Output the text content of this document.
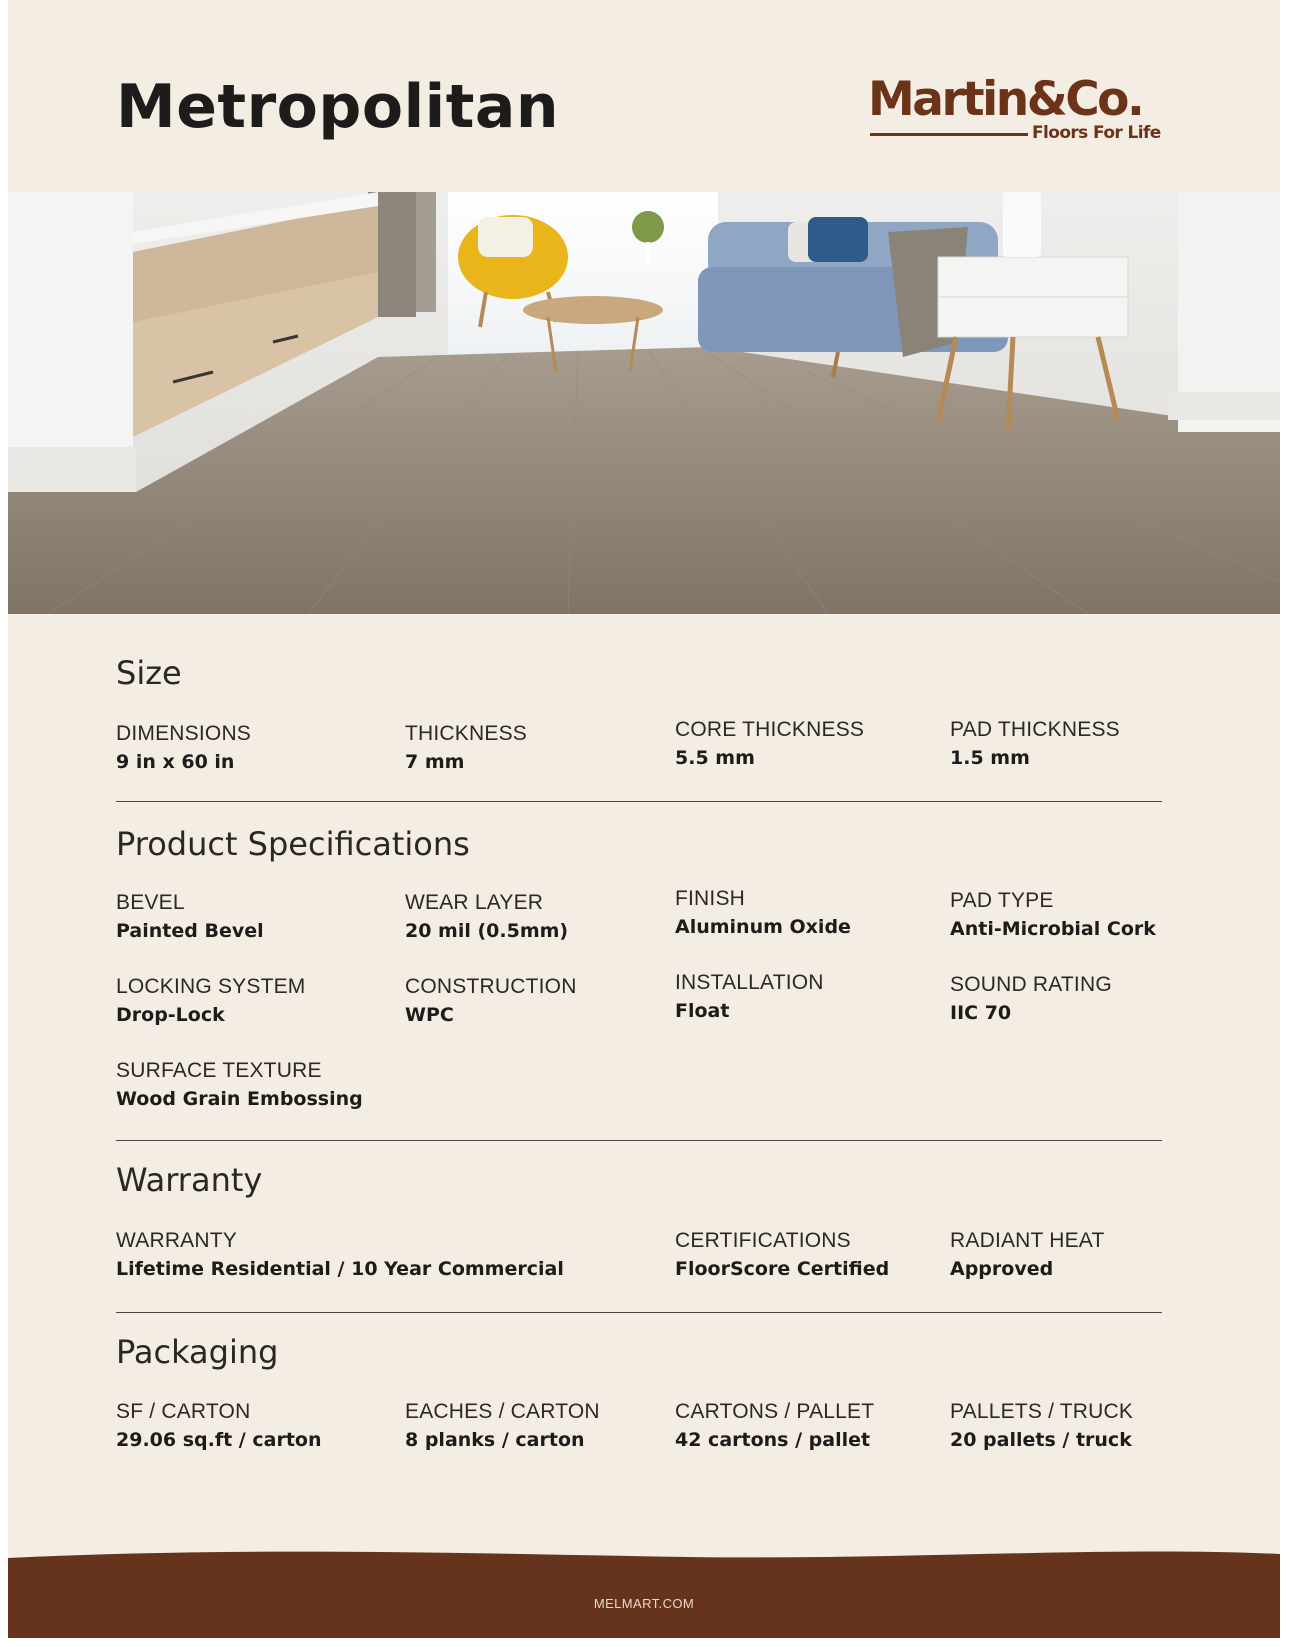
Metropolitan	Martin&Co.
Floors For Life
Size
DIMENSIONS
9 in x 60 in
THICKNESS
7 mm
CORE THICKNESS
5.5 mm
PAD THICKNESS
1.5 mm
Product Specifications
BEVEL
Painted Bevel
WEAR LAYER
20 mil (0.5mm)
FINISH
Aluminum Oxide
PAD TYPE
Anti-Microbial Cork
LOCKING SYSTEM
Drop-Lock
CONSTRUCTION
WPC
INSTALLATION
Float
SOUND RATING
IIC 70
SURFACE TEXTURE
Wood Grain Embossing
Warranty
WARRANTY
Lifetime Residential / 10 Year Commercial
CERTIFICATIONS
FloorScore Certified
RADIANT HEAT
Approved
Packaging
SF / CARTON
29.06 sq.ft / carton
EACHES / CARTON
8 planks / carton
CARTONS / PALLET
42 cartons / pallet
PALLETS / TRUCK
20 pallets / truck
MELMART.COM
